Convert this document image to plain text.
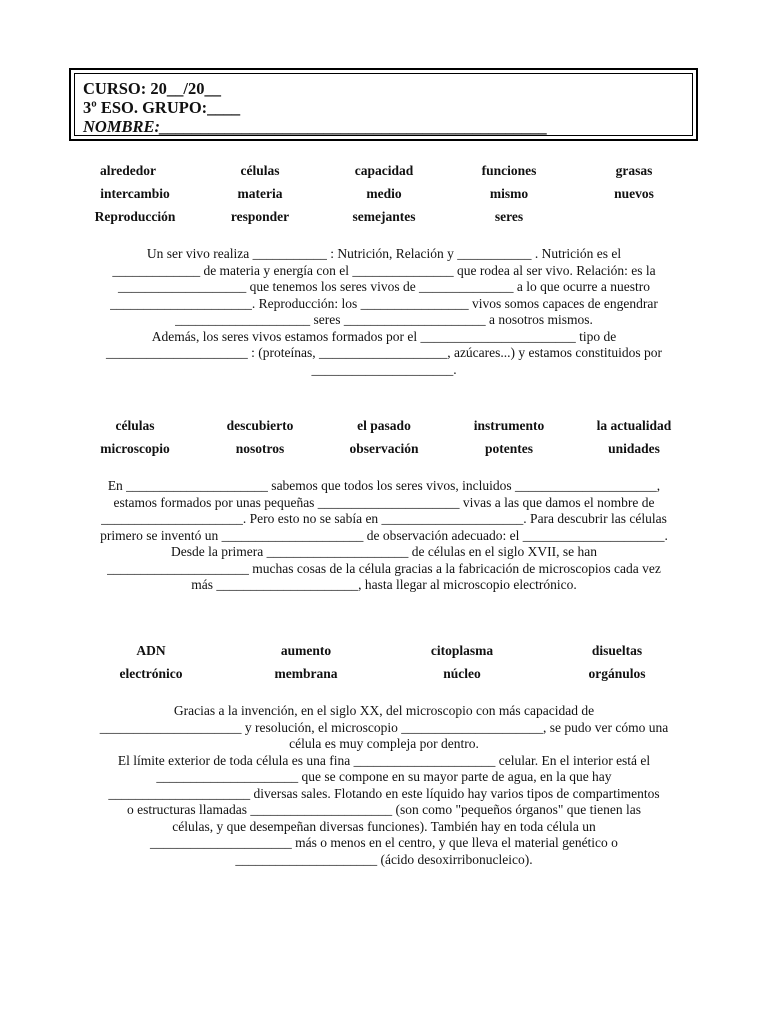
CURSO: 20__/20__
3º ESO. GRUPO:____
NOMBRE:_______________________________________________
alrededor	células	capacidad	funciones	grasas
intercambio	materia	medio	mismo	nuevos
Reproducción	responder	semejantes	seres
Un ser vivo realiza ___________ : Nutrición, Relación y ___________ . Nutrición es el
_____________ de materia y energía con el _______________ que rodea al ser vivo. Relación: es la
___________________ que tenemos los seres vivos de ______________ a lo que ocurre a nuestro
_____________________. Reproducción: los ________________ vivos somos capaces de engendrar
____________________ seres _____________________ a nosotros mismos.
Además, los seres vivos estamos formados por el _______________________ tipo de
_____________________ : (proteínas, ___________________, azúcares...) y estamos constituidos por
_____________________.
células	descubierto	el pasado	instrumento	la actualidad
microscopio	nosotros	observación	potentes	unidades
En _____________________ sabemos que todos los seres vivos, incluidos _____________________,
estamos formados por unas pequeñas _____________________ vivas a las que damos el nombre de
_____________________. Pero esto no se sabía en _____________________. Para descubrir las células
primero se inventó un _____________________ de observación adecuado: el _____________________.
Desde la primera _____________________ de células en el siglo XVII, se han
_____________________ muchas cosas de la célula gracias a la fabricación de microscopios cada vez
más _____________________, hasta llegar al microscopio electrónico.
ADN	aumento	citoplasma	disueltas
electrónico	membrana	núcleo	orgánulos
Gracias a la invención, en el siglo XX, del microscopio con más capacidad de
_____________________ y resolución, el microscopio _____________________, se pudo ver cómo una
célula es muy compleja por dentro.
El límite exterior de toda célula es una fina _____________________ celular. En el interior está el
_____________________ que se compone en su mayor parte de agua, en la que hay
_____________________ diversas sales. Flotando en este líquido hay varios tipos de compartimentos
o estructuras llamadas _____________________ (son como "pequeños órganos" que tienen las
células, y que desempeñan diversas funciones). También hay en toda célula un
_____________________ más o menos en el centro, y que lleva el material genético o
_____________________ (ácido desoxirribonucleico).
